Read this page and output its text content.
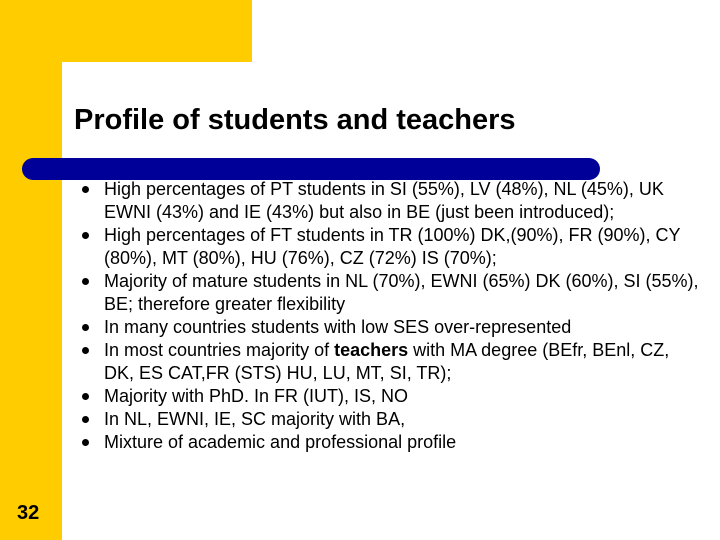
Profile of students and teachers
High percentages of PT students in SI (55%), LV (48%), NL (45%), UK EWNI (43%) and IE (43%) but also in BE (just been introduced);
High percentages of FT students in TR (100%) DK,(90%), FR (90%), CY (80%), MT (80%), HU (76%), CZ (72%) IS (70%);
Majority of mature students in NL (70%), EWNI (65%) DK (60%), SI (55%), BE; therefore greater flexibility
In many countries students with low SES over-represented
In most countries majority of teachers with MA degree (BEfr, BEnl, CZ, DK, ES CAT,FR (STS) HU, LU, MT, SI, TR);
Majority with PhD. In FR (IUT), IS, NO
In NL, EWNI, IE, SC majority with BA,
Mixture of academic and professional profile
32
